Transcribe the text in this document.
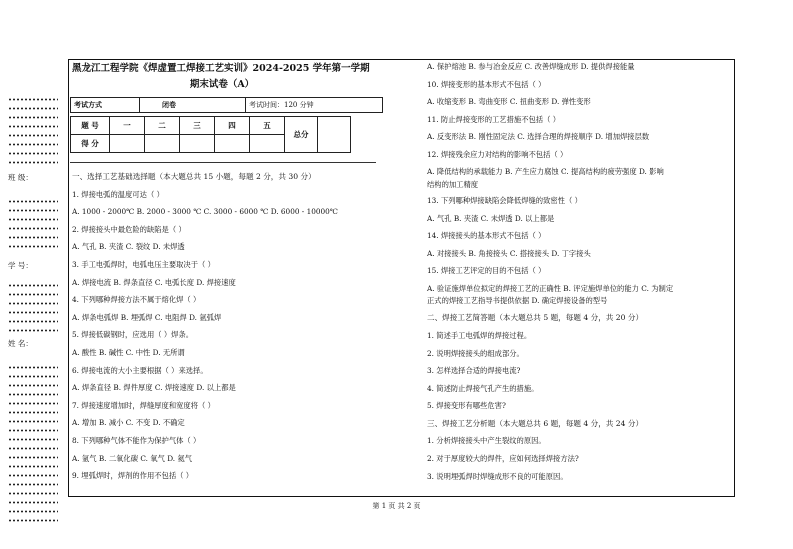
班 级：
学 号：
姓 名：
黑龙江工程学院《焊虚置工焊接工艺实训》2024-2025 学年第一学期
期末试卷（A）
考试方式	闭卷	考试时间：120 分钟
题 号	一	二	三	四	五	总分	
得 分							
一、选择工艺基础选择题（本大题总共 15 小题，每题 2 分，共 30 分）
1. 焊接电弧的温度可达（ ）
A. 1000 - 2000℃ B. 2000 - 3000 ℃ C. 3000 - 6000 ℃ D. 6000 - 10000℃
2. 焊接接头中最危险的缺陷是（ ）
A. 气孔 B. 夹渣 C. 裂纹 D. 未焊透
3. 手工电弧焊时，电弧电压主要取决于（ ）
A. 焊接电流 B. 焊条直径 C. 电弧长度 D. 焊接速度
4. 下列哪种焊接方法不属于熔化焊（ ）
A. 焊条电弧焊 B. 埋弧焊 C. 电阻焊 D. 氩弧焊
5. 焊接低碳钢时，应选用（ ）焊条。
A. 酸性 B. 碱性 C. 中性 D. 无所谓
6. 焊接电流的大小主要根据（ ）来选择。
A. 焊条直径 B. 焊件厚度 C. 焊接速度 D. 以上都是
7. 焊接速度增加时，焊缝厚度和宽度将（ ）
A. 增加 B. 减小 C. 不变 D. 不确定
8. 下列哪种气体不能作为保护气体（ ）
A. 氩气 B. 二氧化碳 C. 氧气 D. 氦气
9. 埋弧焊时，焊剂的作用不包括（ ）
A. 保护熔池 B. 参与冶金反应 C. 改善焊缝成形 D. 提供焊接能量
10. 焊接变形的基本形式不包括（ ）
A. 收缩变形 B. 弯曲变形 C. 扭曲变形 D. 弹性变形
11. 防止焊接变形的工艺措施不包括（ ）
A. 反变形法 B. 刚性固定法 C. 选择合理的焊接顺序 D. 增加焊接层数
12. 焊接残余应力对结构的影响不包括（ ）
A. 降低结构的承载能力 B. 产生应力腐蚀 C. 提高结构的疲劳强度 D. 影响
结构的加工精度
13. 下列哪种焊接缺陷会降低焊缝的致密性（ ）
A. 气孔 B. 夹渣 C. 未焊透 D. 以上都是
14. 焊接接头的基本形式不包括（ ）
A. 对接接头 B. 角接接头 C. 搭接接头 D. 丁字接头
15. 焊接工艺评定的目的不包括（ ）
A. 验证施焊单位拟定的焊接工艺的正确性 B. 评定施焊单位的能力 C. 为制定
正式的焊接工艺指导书提供依据 D. 确定焊接设备的型号
二、焊接工艺简答题（本大题总共 5 题，每题 4 分，共 20 分）
1. 简述手工电弧焊的焊接过程。
2. 说明焊接接头的组成部分。
3. 怎样选择合适的焊接电流?
4. 简述防止焊接气孔产生的措施。
5. 焊接变形有哪些危害?
三、焊接工艺分析题（本大题总共 6 题，每题 4 分，共 24 分）
1. 分析焊接接头中产生裂纹的原因。
2. 对于厚度较大的焊件，应如何选择焊接方法?
3. 说明埋弧焊时焊缝成形不良的可能原因。
第 1 页 共 2 页
